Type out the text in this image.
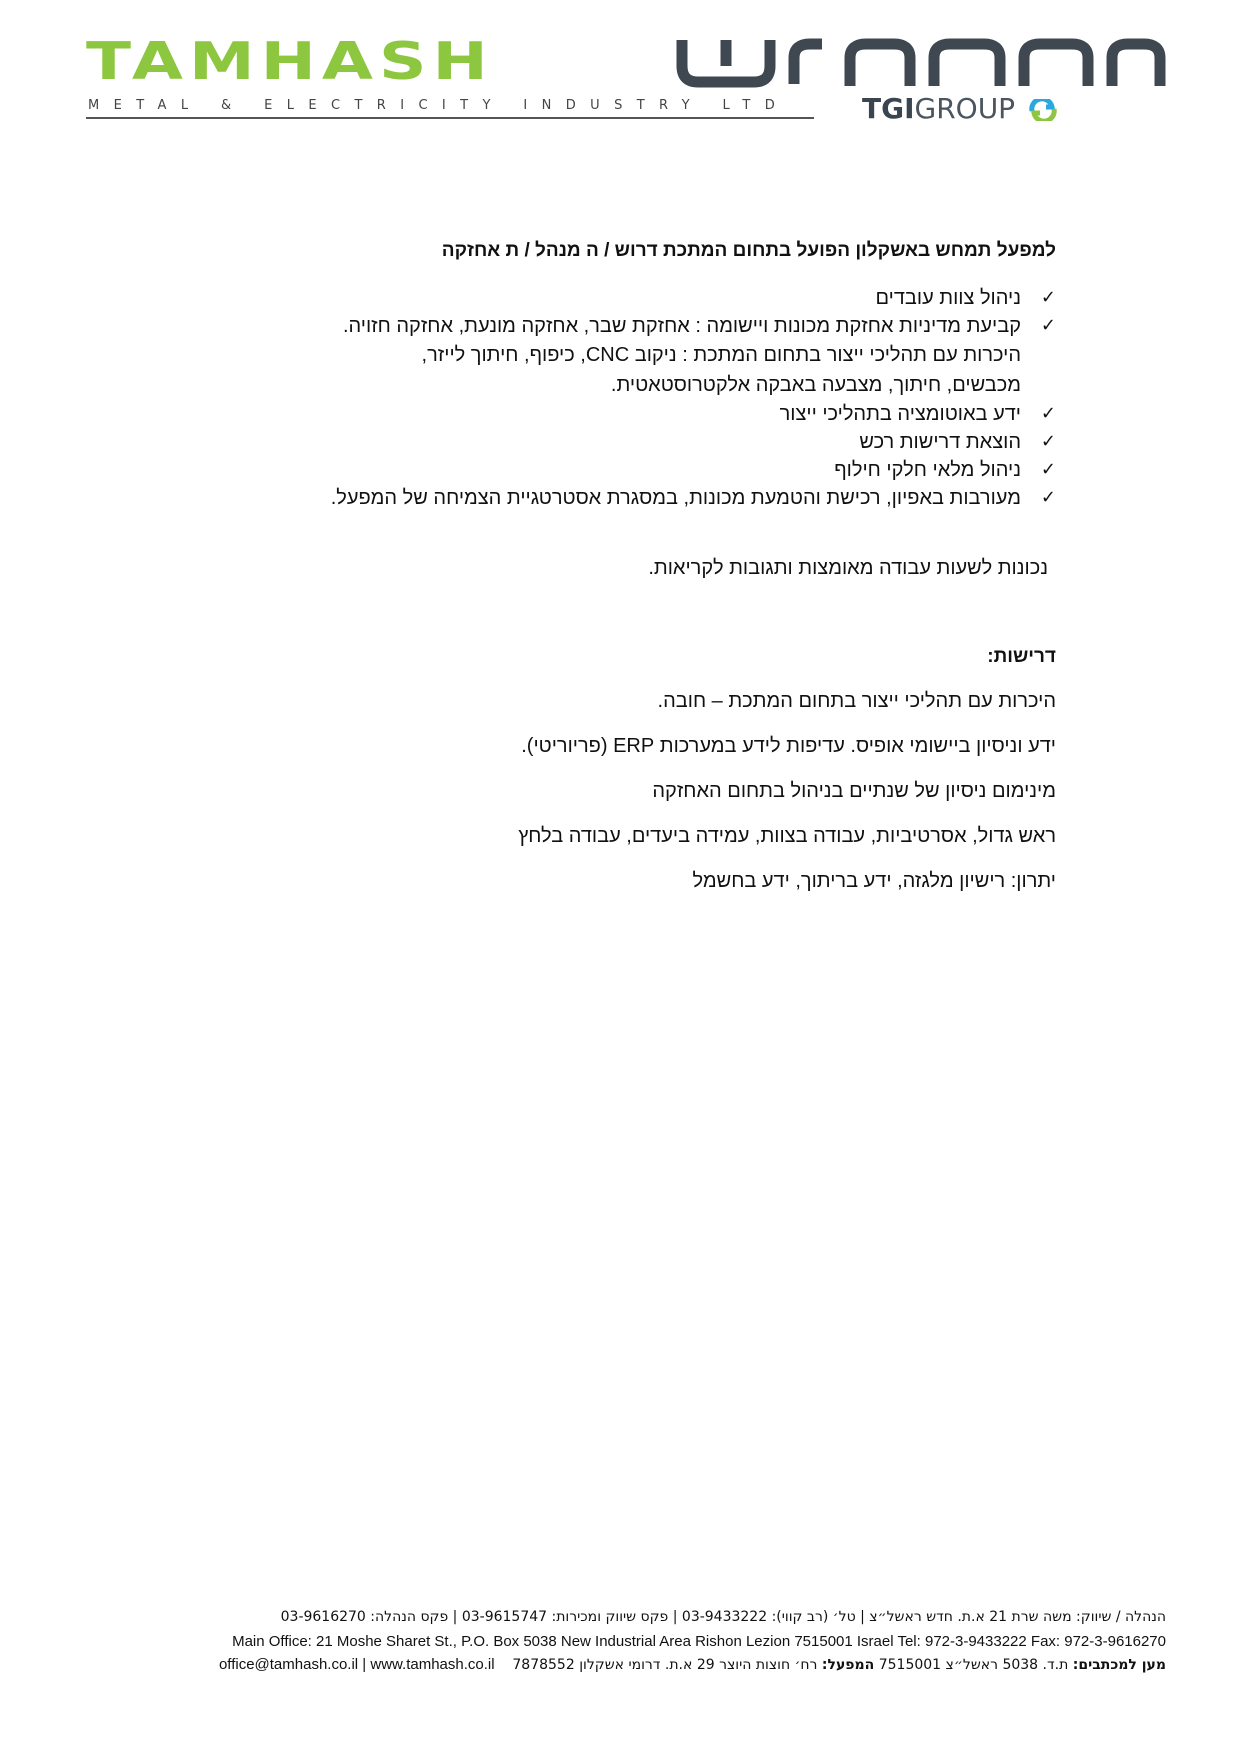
TAMHASH
METAL & ELECTRICITY INDUSTRY LTD	TGIGROUP
למפעל תמחש באשקלון הפועל בתחום המתכת דרוש / ה מנהל / ת אחזקה
✓
ניהול צוות עובדים
✓
קביעת מדיניות אחזקת מכונות ויישומה : אחזקת שבר, אחזקה מונעת, אחזקה חזויה.
היכרות עם תהליכי ייצור בתחום המתכת : ניקוב CNC, כיפוף, חיתוך לייזר, מכבשים, חיתוך, מצבעה באבקה אלקטרוסטאטית.
✓
ידע באוטומציה בתהליכי ייצור
✓
הוצאת דרישות רכש
✓
ניהול מלאי חלקי חילוף
✓
מעורבות באפיון, רכישת והטמעת מכונות, במסגרת אסטרטגיית הצמיחה של המפעל.
נכונות לשעות עבודה מאומצות ותגובות לקריאות.
דרישות:
היכרות עם תהליכי ייצור בתחום המתכת – חובה.
ידע וניסיון ביישומי אופיס. עדיפות לידע במערכות ERP (פריוריטי).
מינימום ניסיון של שנתיים בניהול בתחום האחזקה
ראש גדול, אסרטיביות, עבודה בצוות, עמידה ביעדים, עבודה בלחץ
יתרון: רישיון מלגזה, ידע בריתוך, ידע בחשמל
הנהלה / שיווק: משה שרת 21 א.ת. חדש ראשל״צ | טל׳ (רב קווי): 03-9433222 | פקס שיווק ומכירות: 03-9615747 | פקס הנהלה: 03-9616270
Main Office: 21 Moshe Sharet St., P.O. Box 5038 New Industrial Area Rishon Lezion 7515001 Israel Tel: 972-3-9433222 Fax: 972-3-9616270
מען למכתבים: ת.ד. 5038 ראשל״צ 7515001 המפעל: רח׳ חוצות היוצר 29 א.ת. דרומי אשקלון 7878552    office@tamhash.co.il | www.tamhash.co.il
